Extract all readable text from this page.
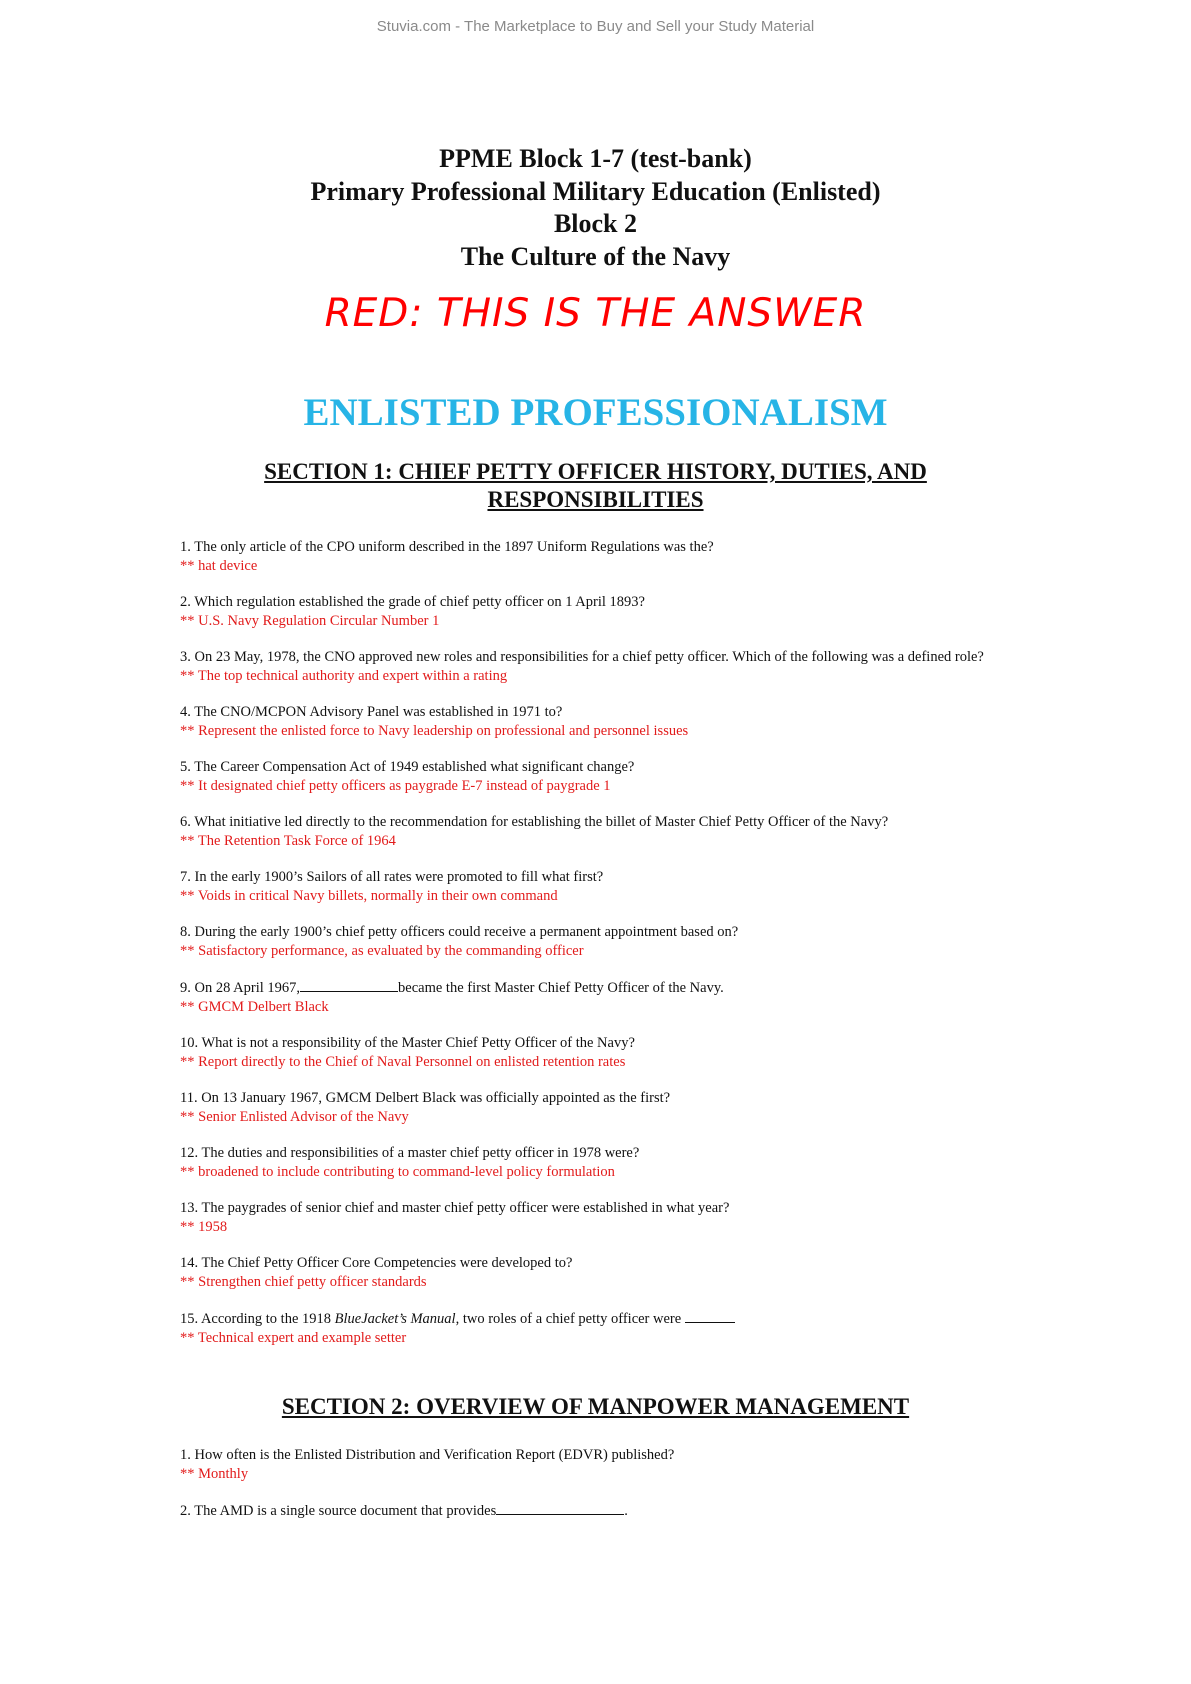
Stuvia.com - The Marketplace to Buy and Sell your Study Material
PPME Block 1-7 (test-bank)
Primary Professional Military Education (Enlisted)
Block 2
The Culture of the Navy
RED: THIS IS THE ANSWER
ENLISTED PROFESSIONALISM
SECTION 1: CHIEF PETTY OFFICER HISTORY, DUTIES, AND
RESPONSIBILITIES
1. The only article of the CPO uniform described in the 1897 Uniform Regulations was the?
** hat device
2. Which regulation established the grade of chief petty officer on 1 April 1893?
** U.S. Navy Regulation Circular Number 1
3. On 23 May, 1978, the CNO approved new roles and responsibilities for a chief petty officer. Which of the following was a defined role?
** The top technical authority and expert within a rating
4. The CNO/MCPON Advisory Panel was established in 1971 to?
** Represent the enlisted force to Navy leadership on professional and personnel issues
5. The Career Compensation Act of 1949 established what significant change?
** It designated chief petty officers as paygrade E-7 instead of paygrade 1
6. What initiative led directly to the recommendation for establishing the billet of Master Chief Petty Officer of the Navy?
** The Retention Task Force of 1964
7. In the early 1900’s Sailors of all rates were promoted to fill what first?
** Voids in critical Navy billets, normally in their own command
8. During the early 1900’s chief petty officers could receive a permanent appointment based on?
** Satisfactory performance, as evaluated by the commanding officer
9. On 28 April 1967,	became the first Master Chief Petty Officer of the Navy.
** GMCM Delbert Black
10. What is not a responsibility of the Master Chief Petty Officer of the Navy?
** Report directly to the Chief of Naval Personnel on enlisted retention rates
11. On 13 January 1967, GMCM Delbert Black was officially appointed as the first?
** Senior Enlisted Advisor of the Navy
12. The duties and responsibilities of a master chief petty officer in 1978 were?
** broadened to include contributing to command-level policy formulation
13. The paygrades of senior chief and master chief petty officer were established in what year?
** 1958
14. The Chief Petty Officer Core Competencies were developed to?
** Strengthen chief petty officer standards
15. According to the 1918 BlueJacket’s Manual, two roles of a chief petty officer were
** Technical expert and example setter
SECTION 2: OVERVIEW OF MANPOWER MANAGEMENT
1. How often is the Enlisted Distribution and Verification Report (EDVR) published?
** Monthly
2. The AMD is a single source document that provides	.
